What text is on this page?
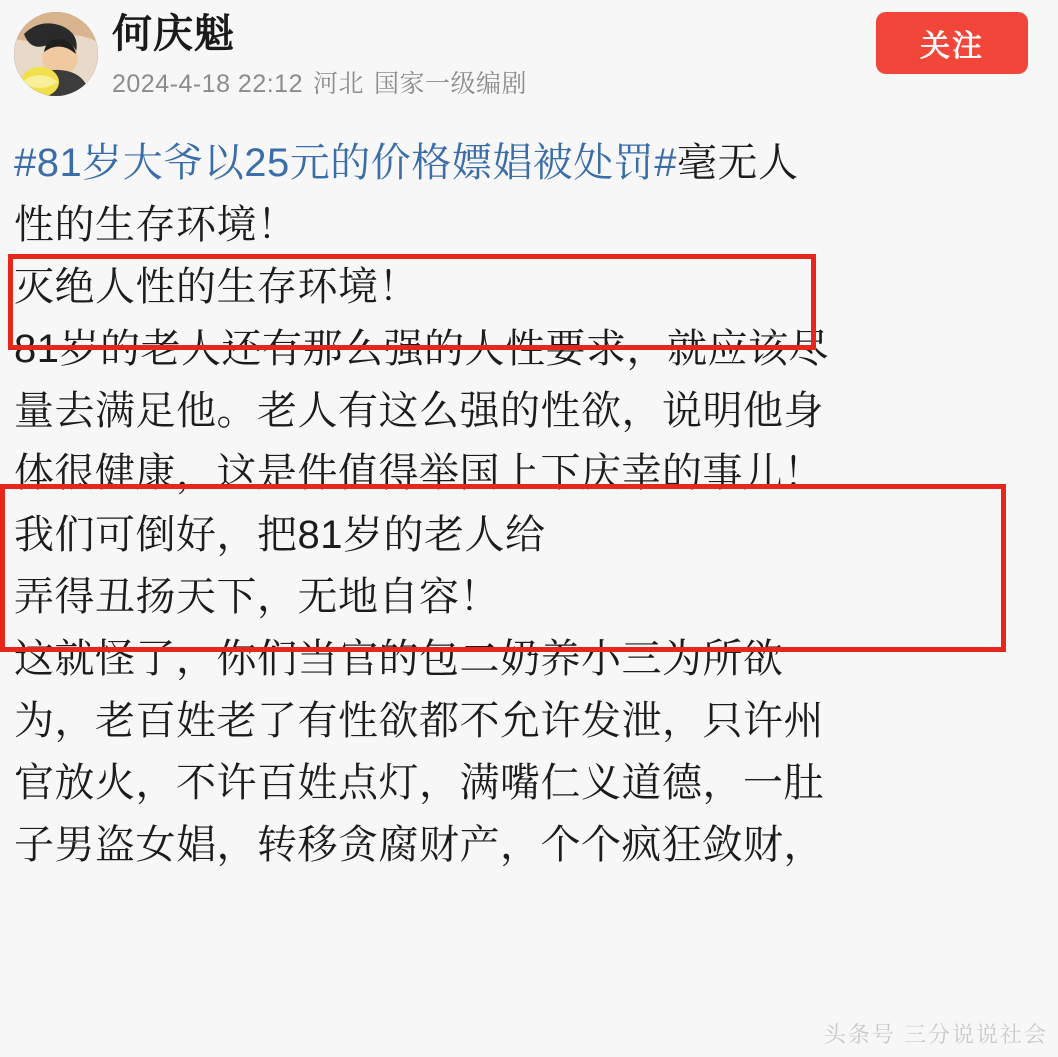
何庆魁
2024-4-18 22:12 河北 国家一级编剧
关注
#81岁大爷以25元的价格嫖娼被处罚#毫无人
性的生存环境！
灭绝人性的生存环境！
81岁的老人还有那么强的人性要求，就应该尽
量去满足他。老人有这么强的性欲，说明他身
体很健康，这是件值得举国上下庆幸的事儿！
我们可倒好，把81岁的老人给
弄得丑扬天下，无地自容！
这就怪了，你们当官的包二奶养小三为所欲
为，老百姓老了有性欲都不允许发泄，只许州
官放火，不许百姓点灯，满嘴仁义道德，一肚
子男盗女娼，转移贪腐财产，个个疯狂敛财，
头条号 三分说说社会
